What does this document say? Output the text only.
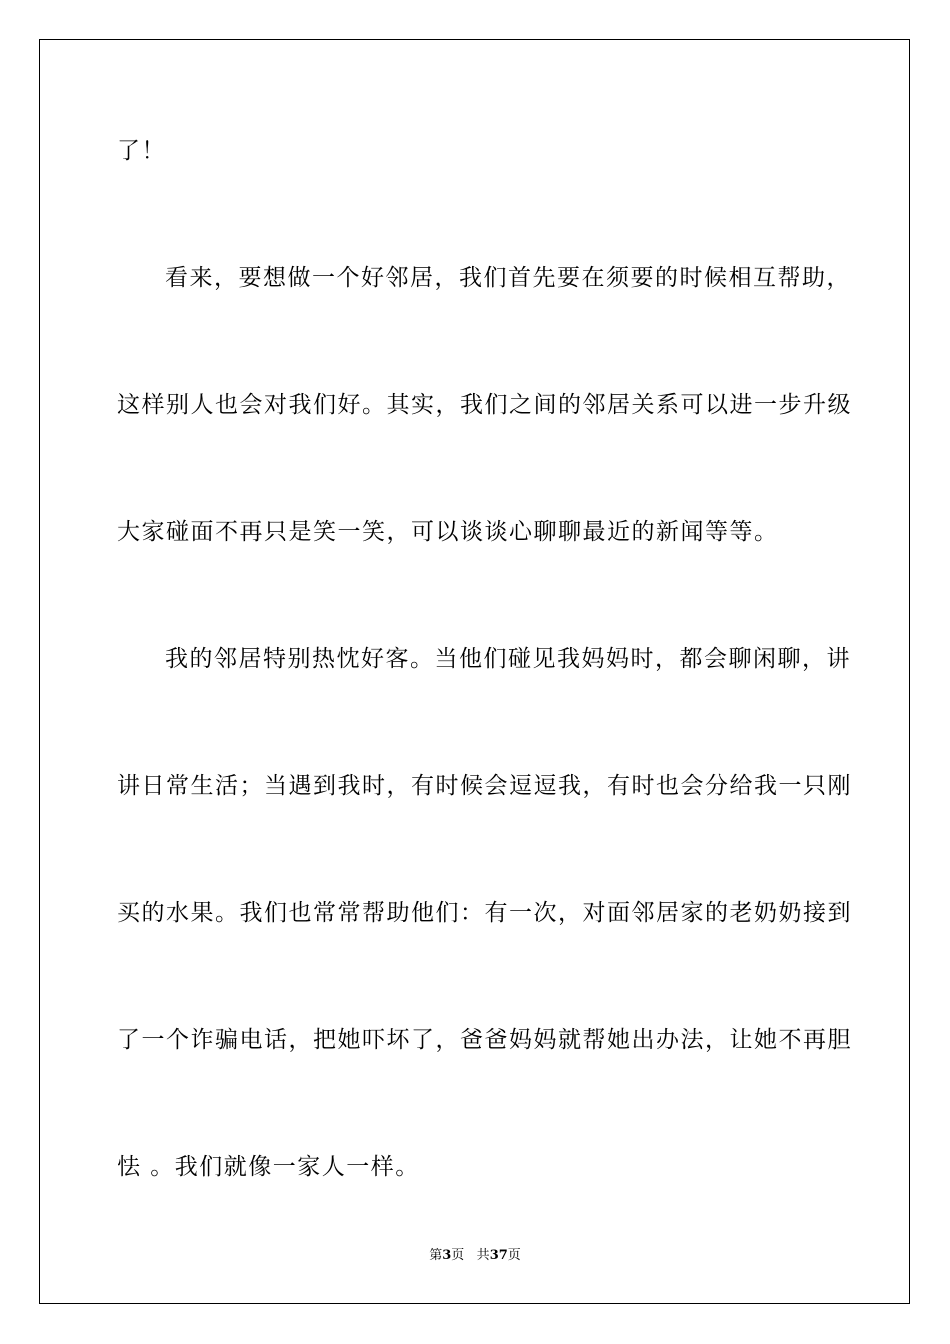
了！
看来，要想做一个好邻居，我们首先要在须要的时候相互帮助，
这样别人也会对我们好。其实，我们之间的邻居关系可以进一步升级
大家碰面不再只是笑一笑，可以谈谈心聊聊最近的新闻等等。
我的邻居特别热忱好客。当他们碰见我妈妈时，都会聊闲聊，讲
讲日常生活；当遇到我时，有时候会逗逗我，有时也会分给我一只刚
买的水果。我们也常常帮助他们：有一次，对面邻居家的老奶奶接到
了一个诈骗电话，把她吓坏了，爸爸妈妈就帮她出办法，让她不再胆
怯 。我们就像一家人一样。
第3页 共37页
